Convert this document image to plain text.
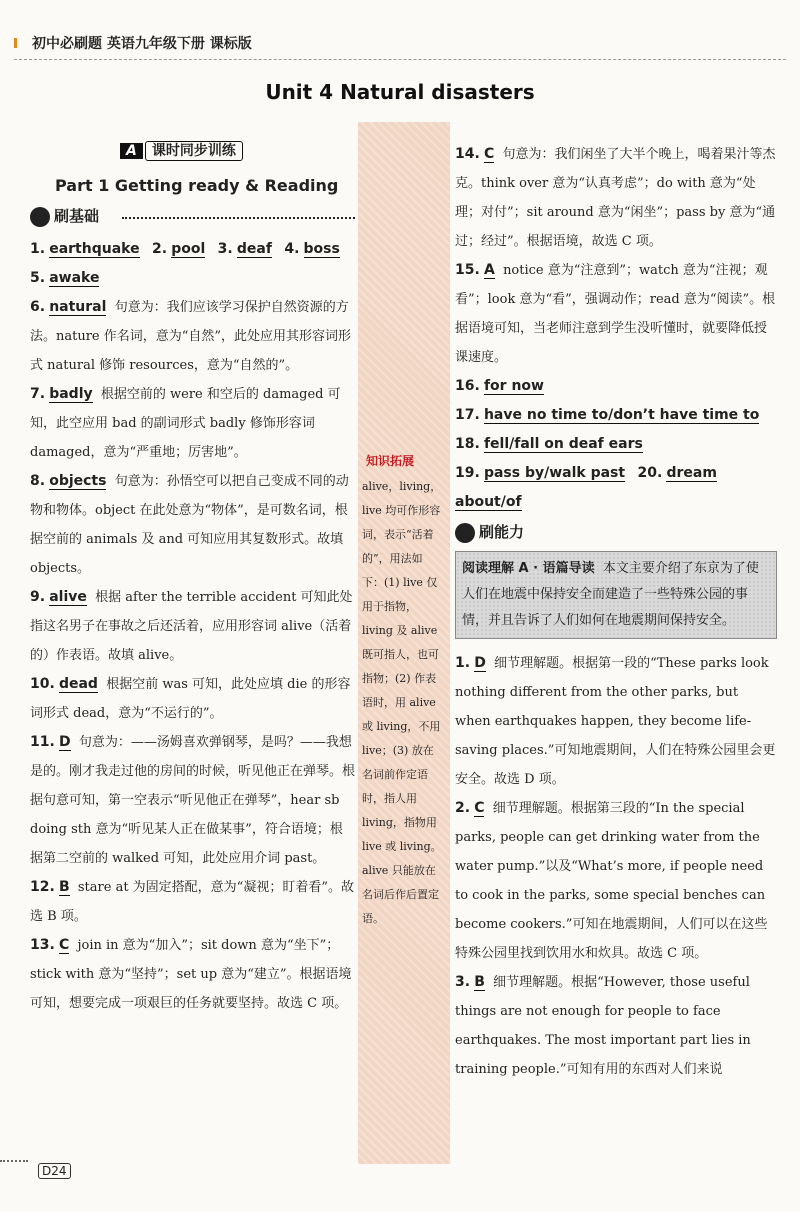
初中必刷题 英语九年级下册 课标版
Unit 4 Natural disasters
A 课时同步训练
Part 1 Getting ready & Reading
刷基础
1. earthquake 2. pool 3. deaf 4. boss
5. awake
6. natural 句意为：我们应该学习保护自然资源的方法。nature 作名词，意为“自然”，此处应用其形容词形式 natural 修饰 resources，意为“自然的”。
7. badly 根据空前的 were 和空后的 damaged 可知，此空应用 bad 的副词形式 badly 修饰形容词 damaged，意为“严重地；厉害地”。
8. objects 句意为：孙悟空可以把自己变成不同的动物和物体。object 在此处意为“物体”，是可数名词，根据空前的 animals 及 and 可知应用其复数形式。故填 objects。
9. alive 根据 after the terrible accident 可知此处指这名男子在事故之后还活着，应用形容词 alive（活着的）作表语。故填 alive。
10. dead 根据空前 was 可知，此处应填 die 的形容词形式 dead，意为“不运行的”。
11. D 句意为：——汤姆喜欢弹钢琴，是吗？——我想是的。刚才我走过他的房间的时候，听见他正在弹琴。根据句意可知，第一空表示“听见他正在弹琴”，hear sb doing sth 意为“听见某人正在做某事”，符合语境；根据第二空前的 walked 可知，此处应用介词 past。
12. B stare at 为固定搭配，意为“凝视；盯着看”。故选 B 项。
13. C join in 意为“加入”；sit down 意为“坐下”；stick with 意为“坚持”；set up 意为“建立”。根据语境可知，想要完成一项艰巨的任务就要坚持。故选 C 项。
知识拓展
alive，living，live 均可作形容词，表示“活着的”，用法如下：(1) live 仅用于指物，living 及 alive 既可指人，也可指物；(2) 作表语时，用 alive 或 living，不用 live；(3) 放在名词前作定语时，指人用 living，指物用 live 或 living。alive 只能放在名词后作后置定语。
14. C 句意为：我们闲坐了大半个晚上，喝着果汁等杰克。think over 意为“认真考虑”；do with 意为“处理；对付”；sit around 意为“闲坐”；pass by 意为“通过；经过”。根据语境，故选 C 项。
15. A notice 意为“注意到”；watch 意为“注视；观看”；look 意为“看”，强调动作；read 意为“阅读”。根据语境可知，当老师注意到学生没听懂时，就要降低授课速度。
16. for now
17. have no time to/don’t have time to
18. fell/fall on deaf ears
19. pass by/walk past 20. dream about/of
刷能力
阅读理解 A · 语篇导读 本文主要介绍了东京为了使人们在地震中保持安全而建造了一些特殊公园的事情，并且告诉了人们如何在地震期间保持安全。
1. D 细节理解题。根据第一段的“These parks look nothing different from the other parks, but when earthquakes happen, they become life-saving places.”可知地震期间，人们在特殊公园里会更安全。故选 D 项。
2. C 细节理解题。根据第三段的“In the special parks, people can get drinking water from the water pump.”以及“What’s more, if people need to cook in the parks, some special benches can become cookers.”可知在地震期间，人们可以在这些特殊公园里找到饮用水和炊具。故选 C 项。
3. B 细节理解题。根据“However, those useful things are not enough for people to face earthquakes. The most important part lies in training people.”可知有用的东西对人们来说
D24
